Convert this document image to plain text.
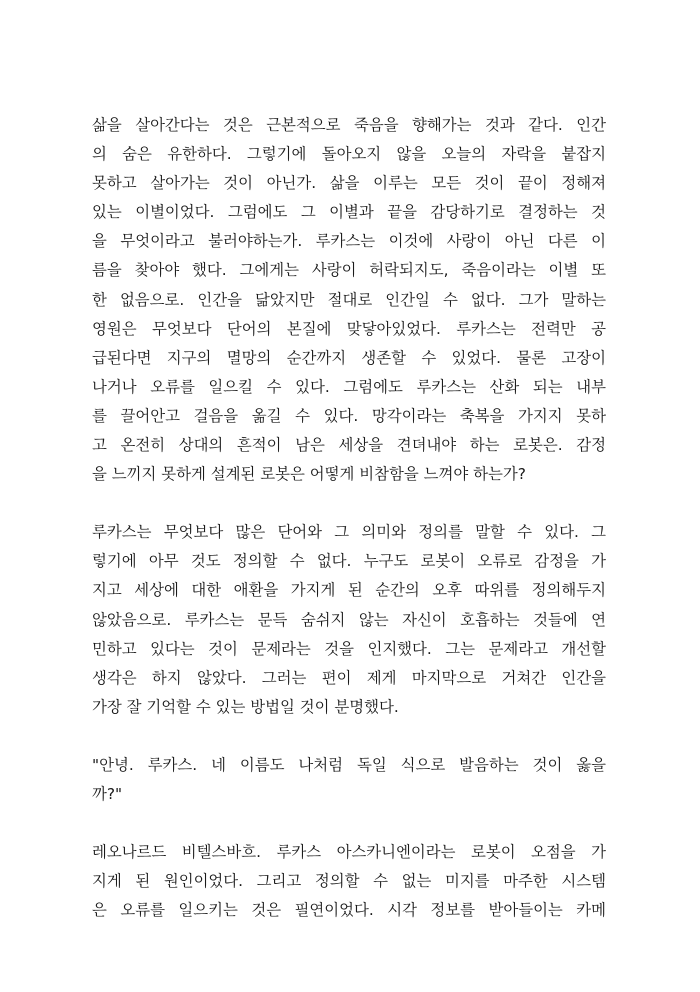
삶을 살아간다는 것은 근본적으로 죽음을 향해가는 것과 같다. 인간
의 숨은 유한하다. 그렇기에 돌아오지 않을 오늘의 자락을 붙잡지
못하고 살아가는 것이 아닌가. 삶을 이루는 모든 것이 끝이 정해져
있는 이별이었다. 그럼에도 그 이별과 끝을 감당하기로 결정하는 것
을 무엇이라고 불러야하는가. 루카스는 이것에 사랑이 아닌 다른 이
름을 찾아야 했다. 그에게는 사랑이 허락되지도, 죽음이라는 이별 또
한 없음으로. 인간을 닮았지만 절대로 인간일 수 없다. 그가 말하는
영원은 무엇보다 단어의 본질에 맞닿아있었다. 루카스는 전력만 공
급된다면 지구의 멸망의 순간까지 생존할 수 있었다. 물론 고장이
나거나 오류를 일으킬 수 있다. 그럼에도 루카스는 산화 되는 내부
를 끌어안고 걸음을 옮길 수 있다. 망각이라는 축복을 가지지 못하
고 온전히 상대의 흔적이 남은 세상을 견뎌내야 하는 로봇은. 감정
을 느끼지 못하게 설계된 로봇은 어떻게 비참함을 느껴야 하는가?
루카스는 무엇보다 많은 단어와 그 의미와 정의를 말할 수 있다. 그
렇기에 아무 것도 정의할 수 없다. 누구도 로봇이 오류로 감정을 가
지고 세상에 대한 애환을 가지게 된 순간의 오후 따위를 정의해두지
않았음으로. 루카스는 문득 숨쉬지 않는 자신이 호흡하는 것들에 연
민하고 있다는 것이 문제라는 것을 인지했다. 그는 문제라고 개선할
생각은 하지 않았다. 그러는 편이 제게 마지막으로 거쳐간 인간을
가장 잘 기억할 수 있는 방법일 것이 분명했다.
"안녕. 루카스. 네 이름도 나처럼 독일 식으로 발음하는 것이 옳을
까?"
레오나르드 비텔스바흐. 루카스 아스카니엔이라는 로봇이 오점을 가
지게 된 원인이었다. 그리고 정의할 수 없는 미지를 마주한 시스템
은 오류를 일으키는 것은 필연이었다. 시각 정보를 받아들이는 카메
